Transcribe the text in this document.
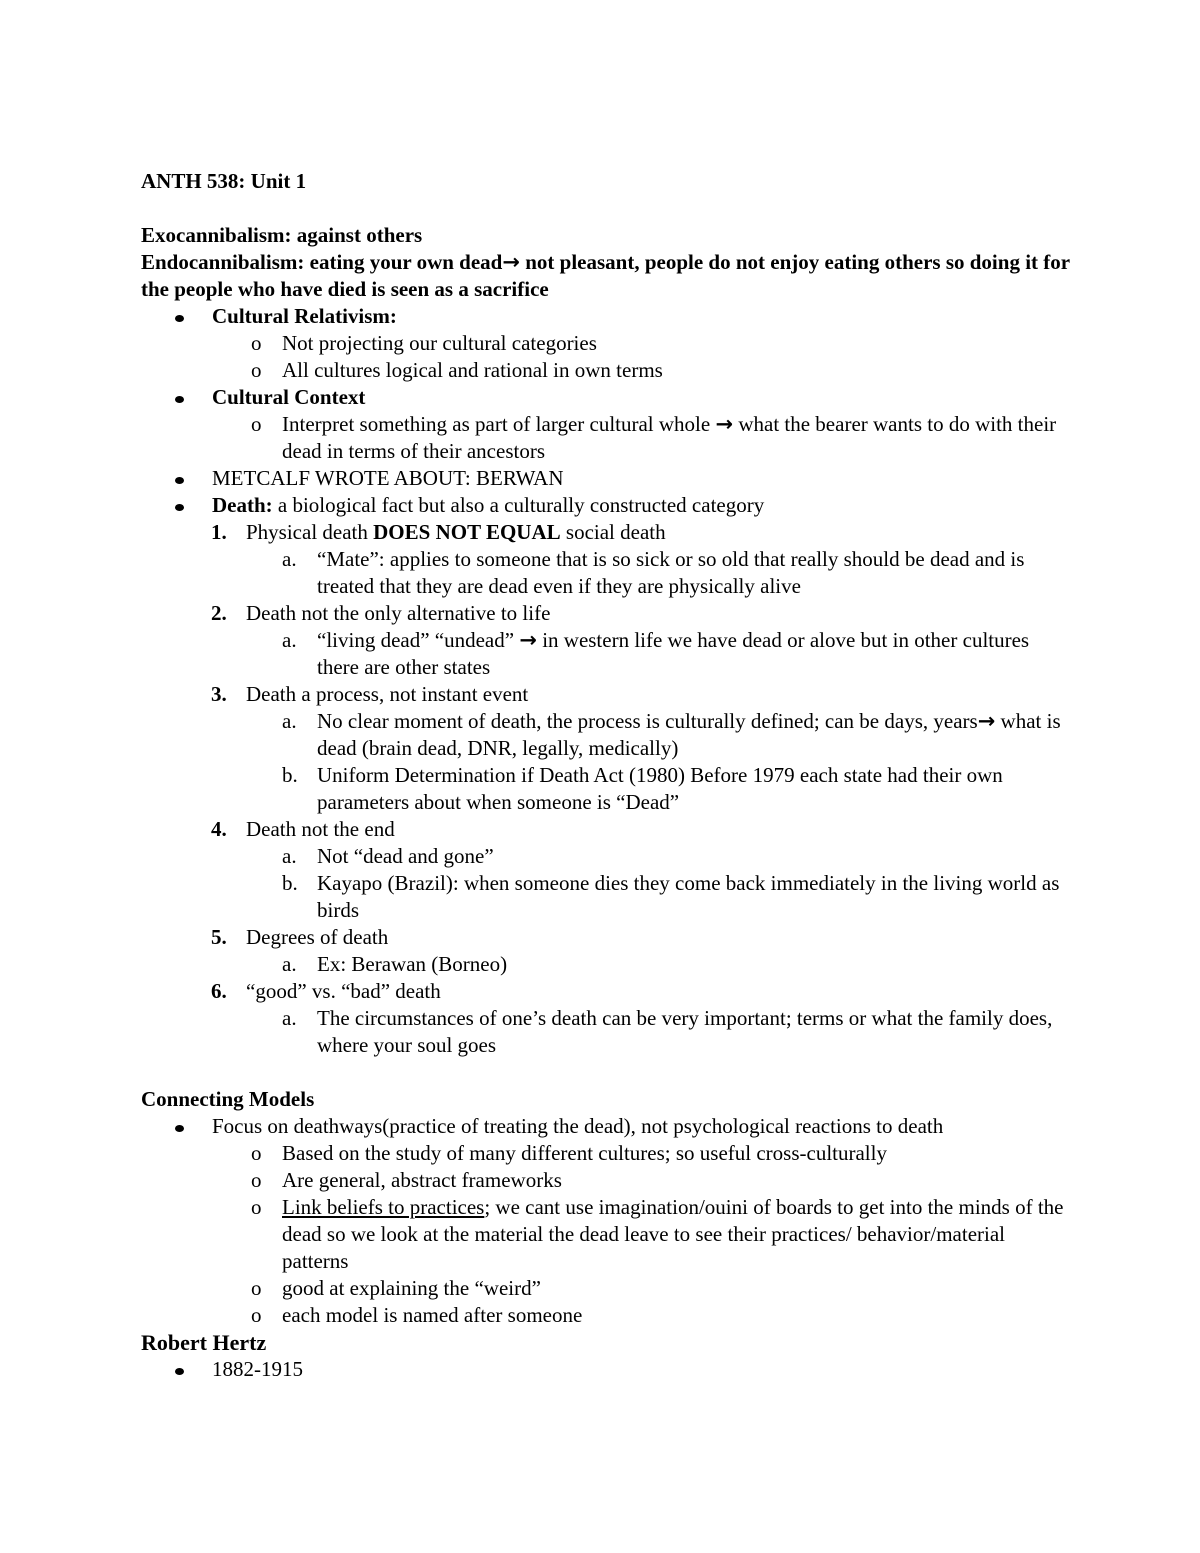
ANTH 538: Unit 1
Exocannibalism: against others
Endocannibalism: eating your own dead→ not pleasant, people do not enjoy eating others so doing it for the people who have died is seen as a sacrifice
Cultural Relativism:
o Not projecting our cultural categories
o All cultures logical and rational in own terms
Cultural Context
o Interpret something as part of larger cultural whole → what the bearer wants to do with their dead in terms of their ancestors
METCALF WROTE ABOUT: BERWAN
Death: a biological fact but also a culturally constructed category
1. Physical death DOES NOT EQUAL social death
a. “Mate”: applies to someone that is so sick or so old that really should be dead and is treated that they are dead even if they are physically alive
2. Death not the only alternative to life
a. “living dead” “undead” → in western life we have dead or alove but in other cultures there are other states
3. Death a process, not instant event
a. No clear moment of death, the process is culturally defined; can be days, years→ what is dead (brain dead, DNR, legally, medically)
b. Uniform Determination if Death Act (1980) Before 1979 each state had their own parameters about when someone is “Dead”
4. Death not the end
a. Not “dead and gone”
b. Kayapo (Brazil): when someone dies they come back immediately in the living world as birds
5. Degrees of death
a. Ex: Berawan (Borneo)
6. “good” vs. “bad” death
a. The circumstances of one’s death can be very important; terms or what the family does, where your soul goes
Connecting Models
Focus on deathways(practice of treating the dead), not psychological reactions to death
o Based on the study of many different cultures; so useful cross-culturally
o Are general, abstract frameworks
o Link beliefs to practices; we cant use imagination/ouini of boards to get into the minds of the dead so we look at the material the dead leave to see their practices/ behavior/material patterns
o good at explaining the “weird”
o each model is named after someone
Robert Hertz
1882-1915
